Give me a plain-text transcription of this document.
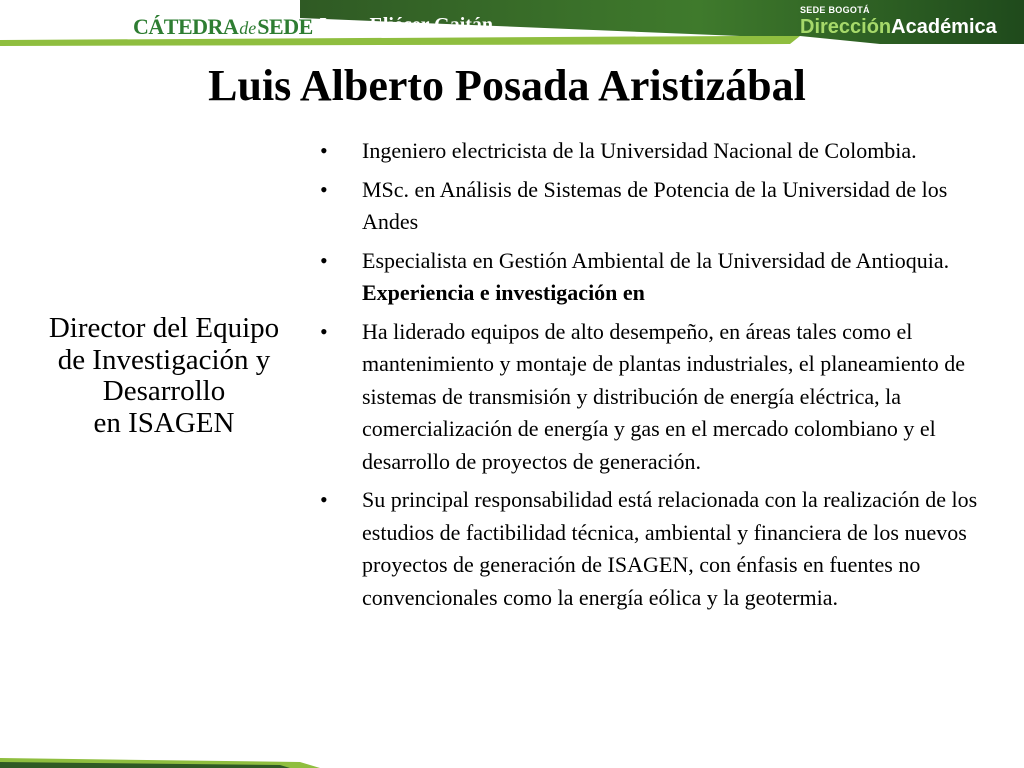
CÁTEDRA de SEDE Jorge Eliécer Gaitán
SEDE BOGOTÁ
DirecciónAcadémica
Luis Alberto Posada Aristizábal
Director del Equipo
de Investigación y
Desarrollo
en ISAGEN
• Ingeniero electricista de la Universidad Nacional de Colombia.
• MSc. en Análisis de Sistemas de Potencia de la Universidad de los Andes
• Especialista en Gestión Ambiental de la Universidad de Antioquia.
Experiencia e investigación en
• Ha liderado equipos de alto desempeño, en áreas tales como el mantenimiento y montaje de plantas industriales, el planeamiento de sistemas de transmisión y distribución de energía eléctrica, la comercialización de energía y gas en el mercado colombiano y el desarrollo de proyectos de generación.
• Su principal responsabilidad está relacionada con la realización de los estudios de factibilidad técnica, ambiental y financiera de los nuevos proyectos de generación de ISAGEN, con énfasis en fuentes no convencionales como la energía eólica y la geotermia.
